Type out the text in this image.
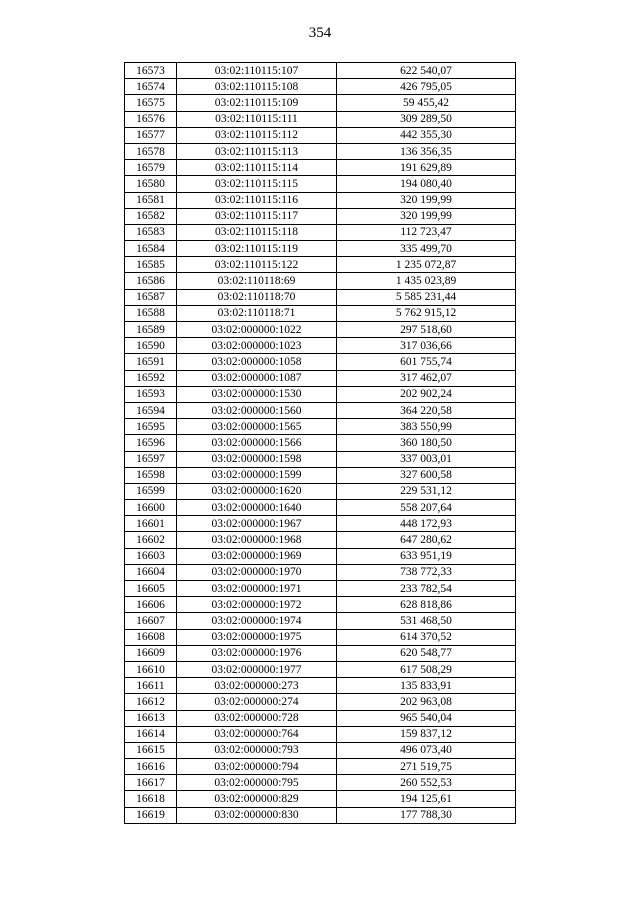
354
16573	03:02:110115:107	622 540,07
16574	03:02:110115:108	426 795,05
16575	03:02:110115:109	59 455,42
16576	03:02:110115:111	309 289,50
16577	03:02:110115:112	442 355,30
16578	03:02:110115:113	136 356,35
16579	03:02:110115:114	191 629,89
16580	03:02:110115:115	194 080,40
16581	03:02:110115:116	320 199,99
16582	03:02:110115:117	320 199,99
16583	03:02:110115:118	112 723,47
16584	03:02:110115:119	335 499,70
16585	03:02:110115:122	1 235 072,87
16586	03:02:110118:69	1 435 023,89
16587	03:02:110118:70	5 585 231,44
16588	03:02:110118:71	5 762 915,12
16589	03:02:000000:1022	297 518,60
16590	03:02:000000:1023	317 036,66
16591	03:02:000000:1058	601 755,74
16592	03:02:000000:1087	317 462,07
16593	03:02:000000:1530	202 902,24
16594	03:02:000000:1560	364 220,58
16595	03:02:000000:1565	383 550,99
16596	03:02:000000:1566	360 180,50
16597	03:02:000000:1598	337 003,01
16598	03:02:000000:1599	327 600,58
16599	03:02:000000:1620	229 531,12
16600	03:02:000000:1640	558 207,64
16601	03:02:000000:1967	448 172,93
16602	03:02:000000:1968	647 280,62
16603	03:02:000000:1969	633 951,19
16604	03:02:000000:1970	738 772,33
16605	03:02:000000:1971	233 782,54
16606	03:02:000000:1972	628 818,86
16607	03:02:000000:1974	531 468,50
16608	03:02:000000:1975	614 370,52
16609	03:02:000000:1976	620 548,77
16610	03:02:000000:1977	617 508,29
16611	03:02:000000:273	135 833,91
16612	03:02:000000:274	202 963,08
16613	03:02:000000:728	965 540,04
16614	03:02:000000:764	159 837,12
16615	03:02:000000:793	496 073,40
16616	03:02:000000:794	271 519,75
16617	03:02:000000:795	260 552,53
16618	03:02:000000:829	194 125,61
16619	03:02:000000:830	177 788,30
